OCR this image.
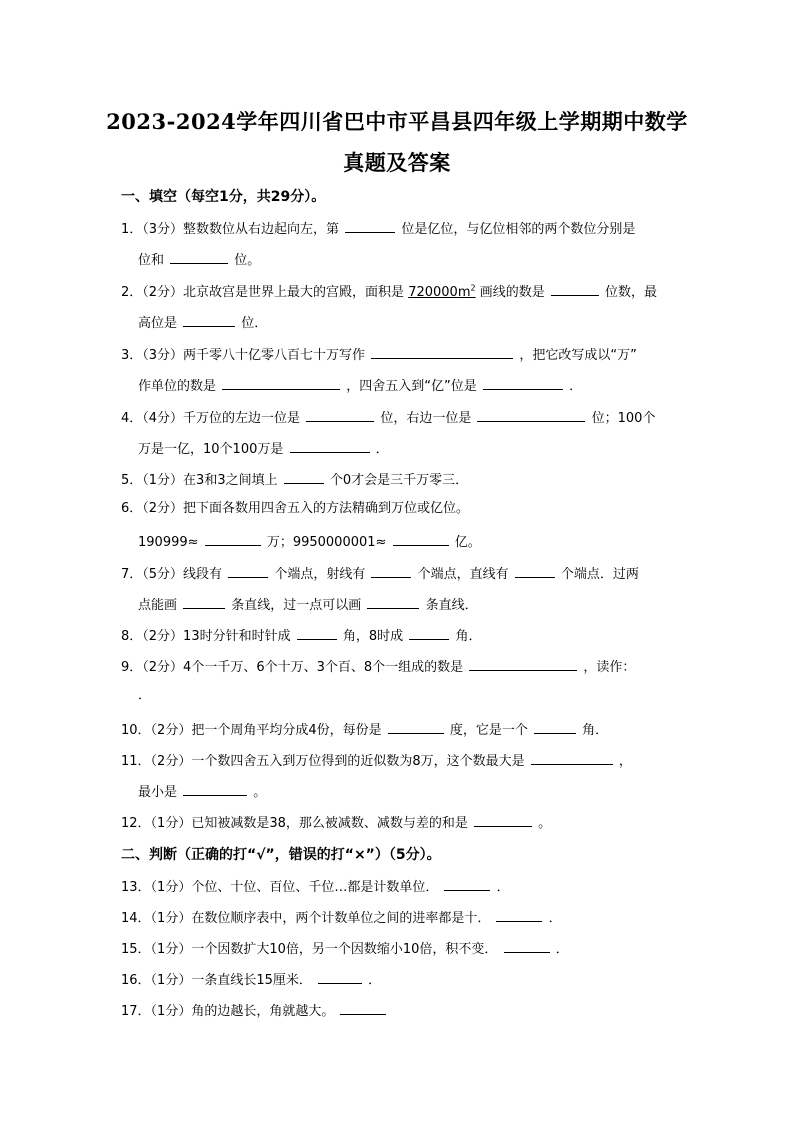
2023-2024学年四川省巴中市平昌县四年级上学期期中数学
真题及答案
一、填空（每空1分，共29分）。
1．（3分）整数数位从右边起向左，第	位是亿位，与亿位相邻的两个数位分别是
位和	位。
2．（2分）北京故宫是世界上最大的宫殿，面积是 $720000m^2$ 画线的数是	位数，最
高位是	位．
3．（3分）两千零八十亿零八百七十万写作	，把它改写成以“万”
作单位的数是	，四舍五入到“亿”位是	．
4．（4分）千万位的左边一位是	位，右边一位是	位；100个
万是一亿，10个100万是	．
5．（1分）在3和3之间填上	个0才会是三千万零三．
6．（2分）把下面各数用四舍五入的方法精确到万位或亿位。
190999≈	万；9950000001≈	亿。
7．（5分）线段有	个端点，射线有	个端点，直线有	个端点．过两
点能画	条直线，过一点可以画	条直线．
8．（2分）13时分针和时针成	角，8时成	角．
9．（2分）4个一千万、6个十万、3个百、8个一组成的数是	，读作：
．
10．（2分）把一个周角平均分成4份，每份是	度，它是一个	角．
11．（2分）一个数四舍五入到万位得到的近似数为8万，这个数最大是	，
最小是	。
12．（1分）已知被减数是38，那么被减数、减数与差的和是	。
二、判断（正确的打“√”，错误的打“×”）（5分）。
13．（1分）个位、十位、百位、千位…都是计数单位．	．
14．（1分）在数位顺序表中，两个计数单位之间的进率都是十．	．
15．（1分）一个因数扩大10倍，另一个因数缩小10倍，积不变．	．
16．（1分）一条直线长15厘米．	．
17．（1分）角的边越长，角就越大。
